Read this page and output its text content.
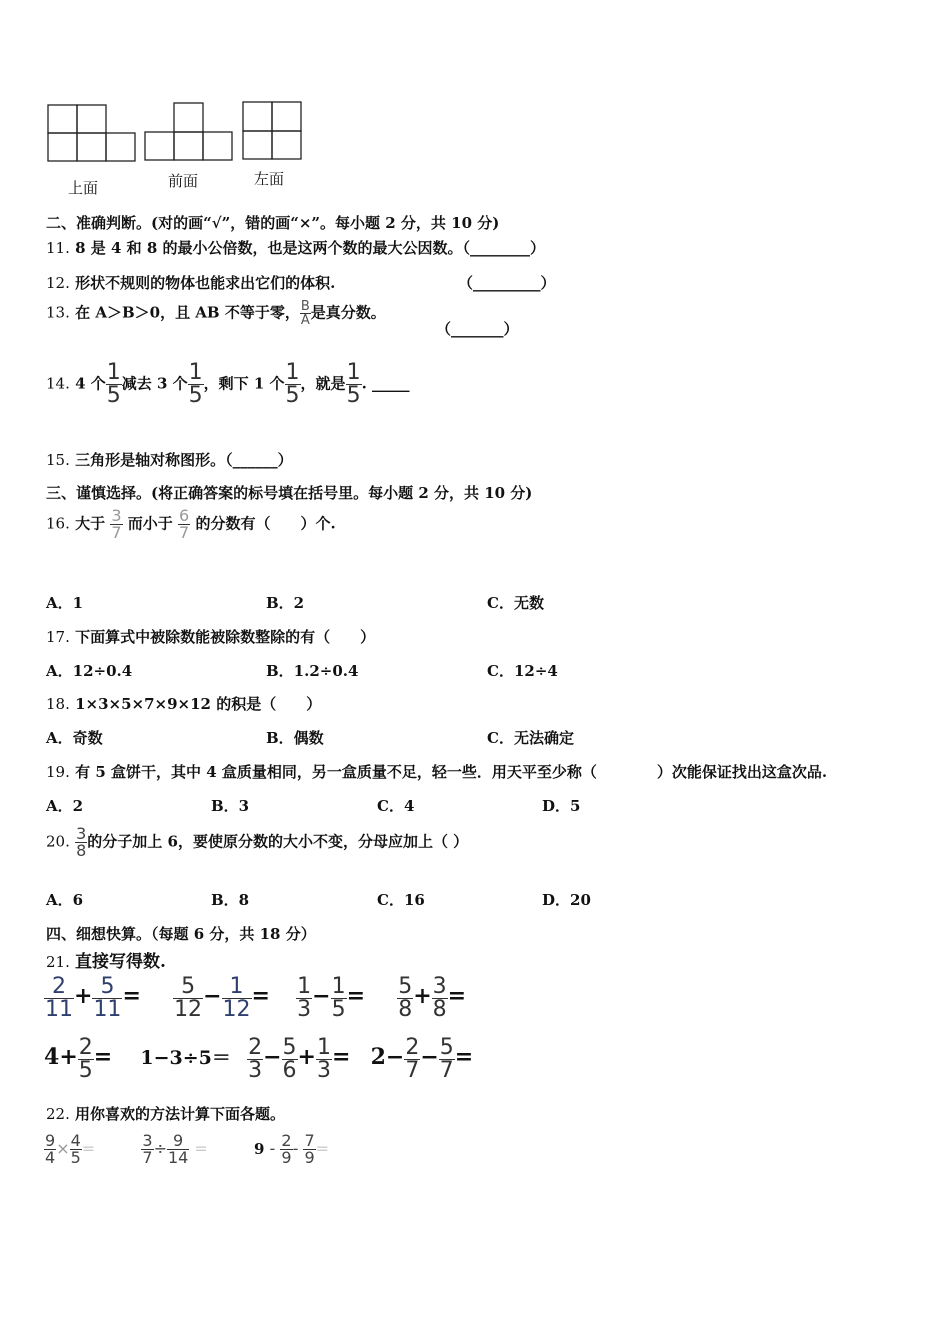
上面	前面	左面
二、准确判断。(对的画“√”，错的画“×”。每小题 2 分，共 10 分)
11. 8 是 4 和 8 的最小公倍数，也是这两个数的最大公因数。（________）
12. 形状不规则的物体也能求出它们的体积.	（_________）
13. 在 A＞B＞0，且 AB 不等于零， $\frac{B}{A}$ 是真分数。
（_______）
14. 4 个 $\frac{1}{5}$ 减去 3 个 $\frac{1}{5}$ ，剩下 1 个 $\frac{1}{5}$ ，就是 $\frac{1}{5}$ . _____
15. 三角形是轴对称图形。（______）
三、谨慎选择。(将正确答案的标号填在括号里。每小题 2 分，共 10 分)
16. 大于 $\frac{3}{7}$ 而小于 $\frac{6}{7}$ 的分数有（　　）个.
A．1	B．2	C．无数
17. 下面算式中被除数能被除数整除的有（　　）
A．12÷0.4	B．1.2÷0.4	C．12÷4
18. 1×3×5×7×9×12 的积是（　　）
A．奇数	B．偶数	C．无法确定
19. 有 5 盒饼干，其中 4 盒质量相同，另一盒质量不足，轻一些．用天平至少称（　　　　）次能保证找出这盒次品.
A．2	B．3	C．4	D．5
20. $\frac{3}{8}$ 的分子加上 6，要使原分数的大小不变，分母应加上（ ）
A．6	B．8	C．16	D．20
四、细想快算。（每题 6 分，共 18 分）
21. 直接写得数.
$\frac{2}{11} + \frac{5}{11} = \frac{5}{12} - \frac{1}{12} = \frac{1}{3} - \frac{1}{5} = \frac{5}{8} + \frac{3}{8}$ =
$4+ \frac{2}{5} = 1-3\div 5= \frac{2}{3} - \frac{5}{6} + \frac{1}{3} = 2- \frac{2}{7} - \frac{5}{7}$ =
22. 用你喜欢的方法计算下面各题。
$\frac{9}{4} \times \frac{4}{5}$ =	$\frac{3}{7} \div \frac{9}{14}$ =	$9 - \frac{2}{9} - \frac{7}{9}$ =
